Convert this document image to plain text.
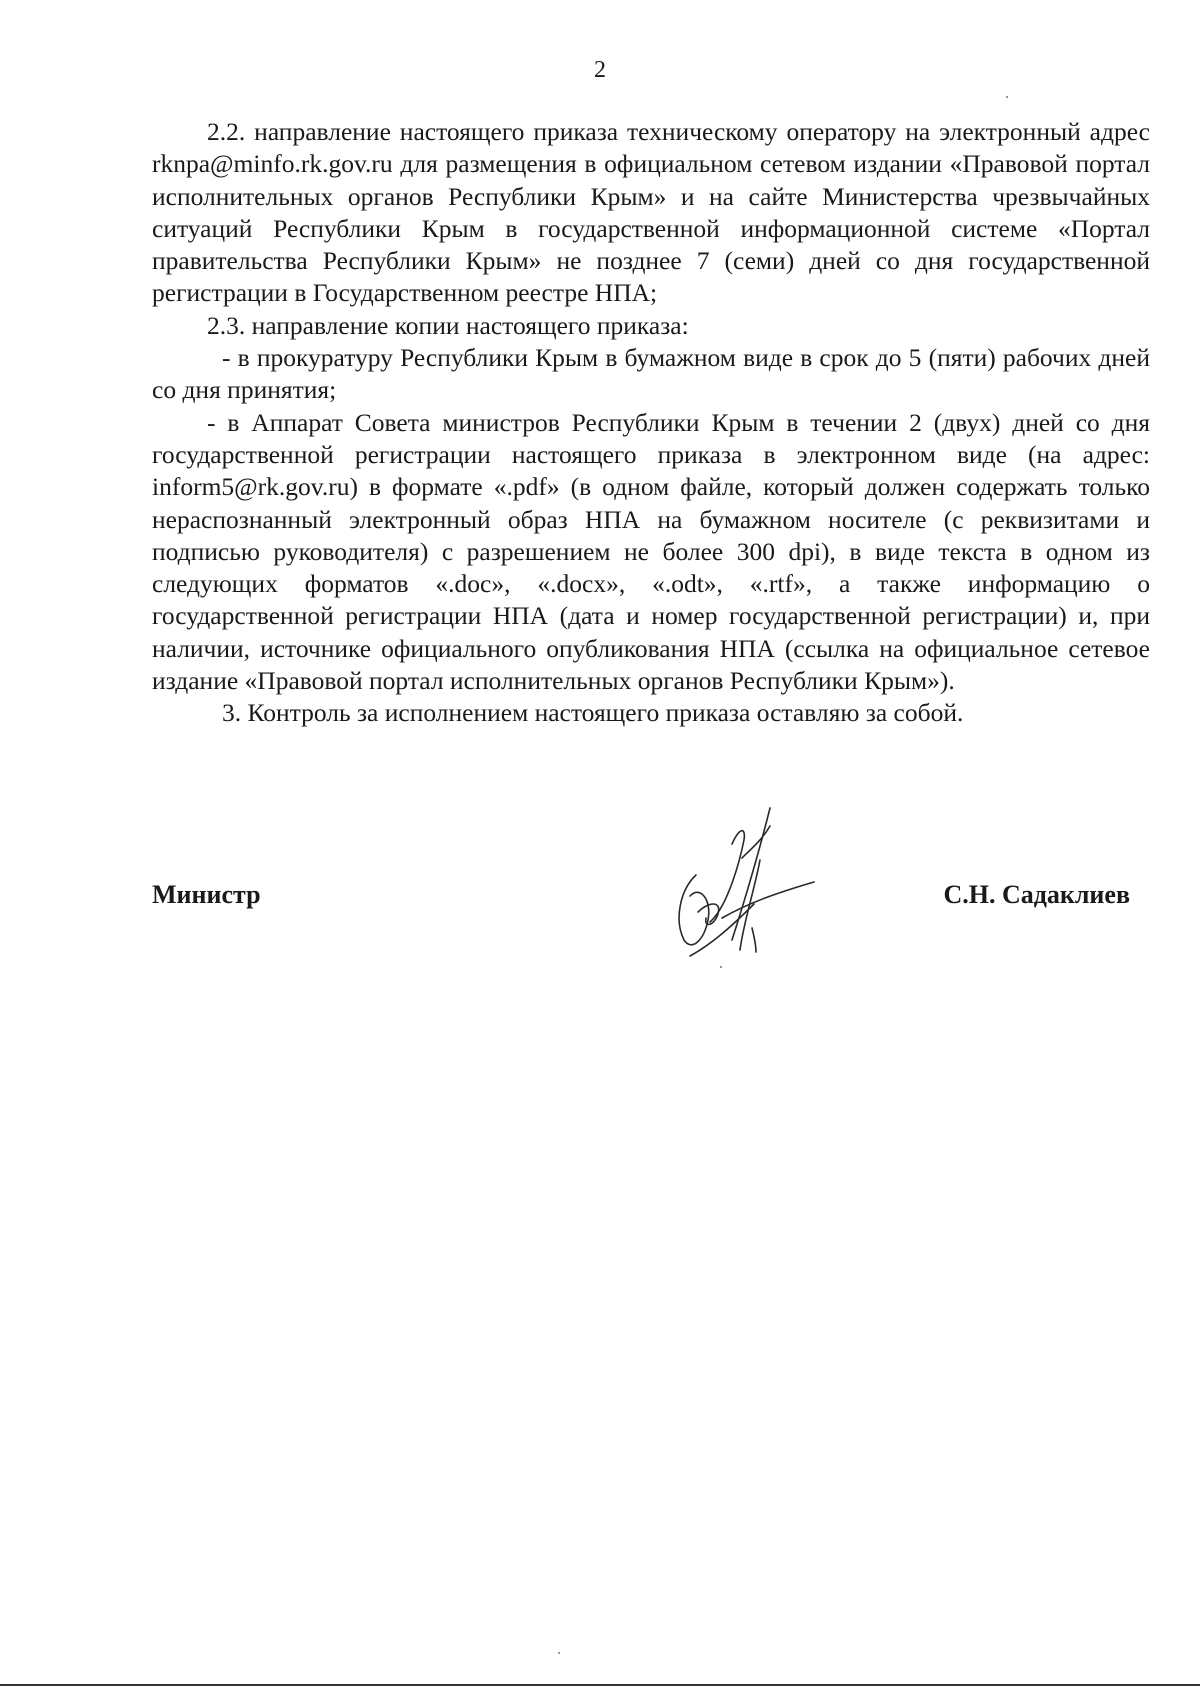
2

2.2. направление настоящего приказа техническому оператору на электронный адрес rknpa@minfo.rk.gov.ru для размещения в официальном сетевом издании «Правовой портал исполнительных органов Республики Крым» и на сайте Министерства чрезвычайных ситуаций Республики Крым в государственной информационной системе «Портал правительства Республики Крым» не позднее 7 (семи) дней со дня государственной регистрации в Государственном реестре НПА;

2.3. направление копии настоящего приказа:

- в прокуратуру Республики Крым в бумажном виде в срок до 5 (пяти) рабочих дней со дня принятия;

- в Аппарат Совета министров Республики Крым в течении 2 (двух) дней со дня государственной регистрации настоящего приказа в электронном виде (на адрес: inform5@rk.gov.ru) в формате «.pdf» (в одном файле, который должен содержать только нераспознанный электронный образ НПА на бумажном носителе (с реквизитами и подписью руководителя) с разрешением не более 300 dpi), в виде текста в одном из следующих форматов «.doc», «.docx», «.odt», «.rtf», а также информацию о государственной регистрации НПА (дата и номер государственной регистрации) и, при наличии, источнике официального опубликования НПА (ссылка на официальное сетевое издание «Правовой портал исполнительных органов Республики Крым»).

3. Контроль за исполнением настоящего приказа оставляю за собой.

Министр	С.Н. Садаклиев
